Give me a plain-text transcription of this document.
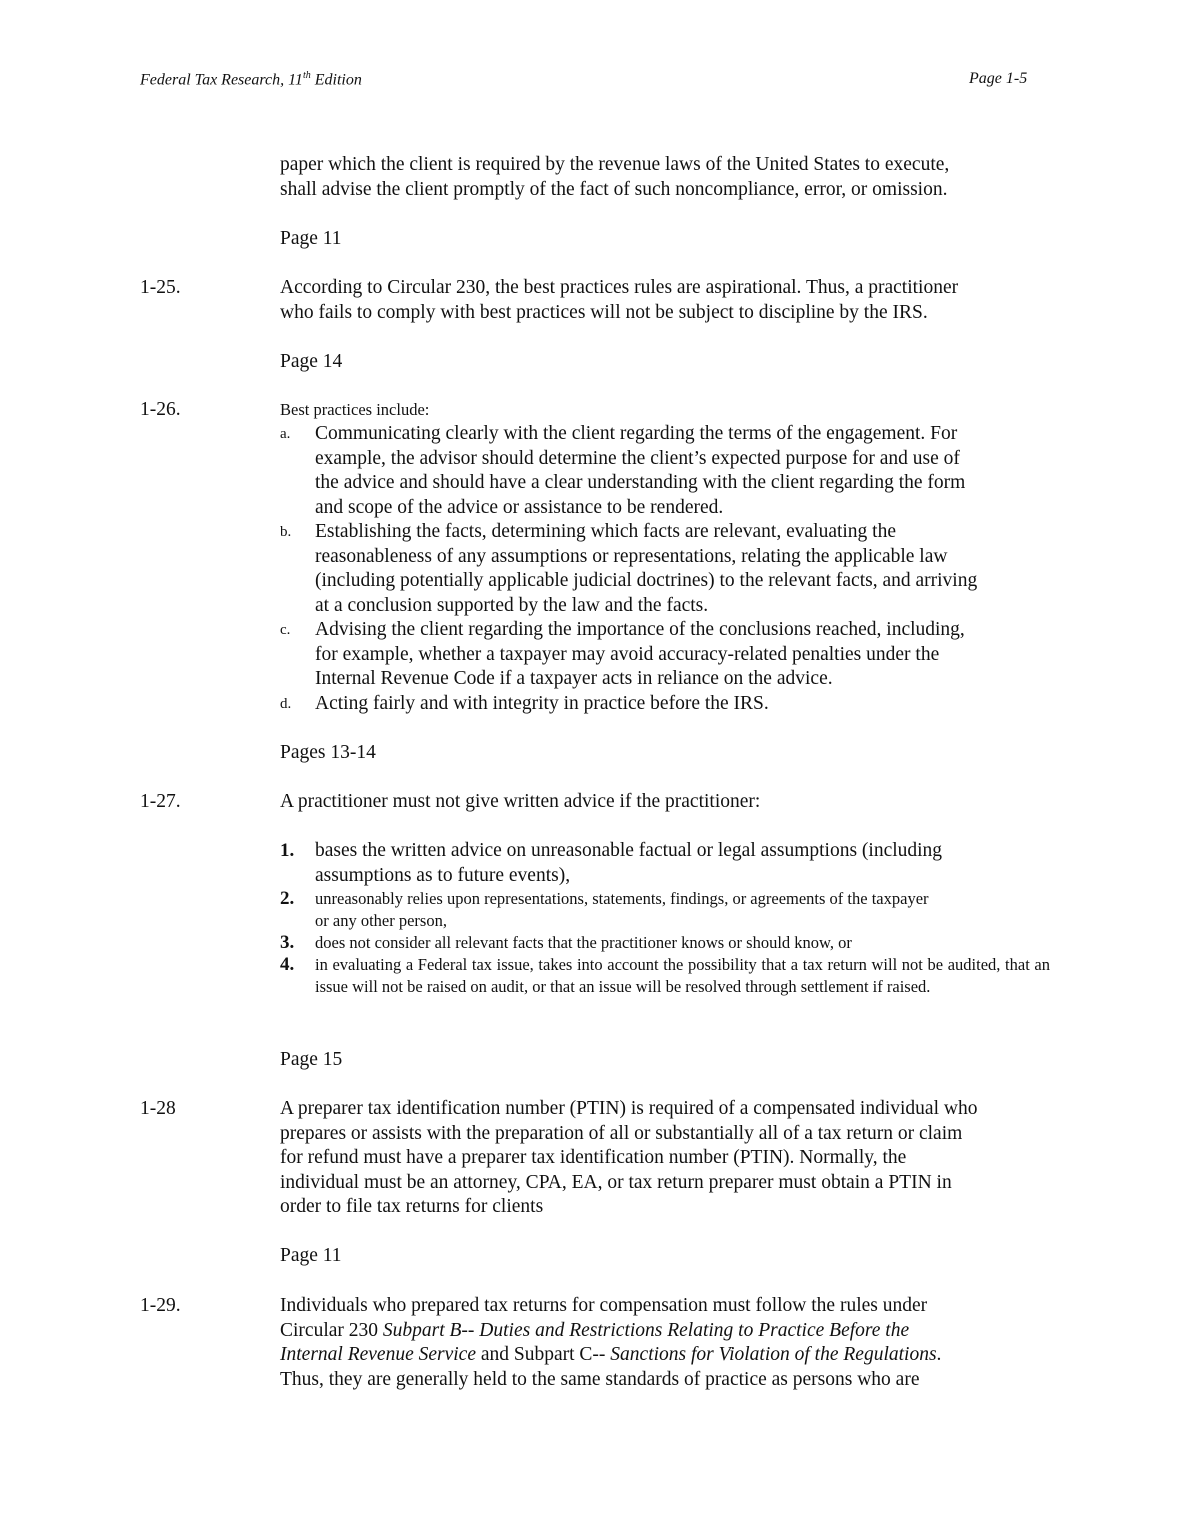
Federal Tax Research, 11th Edition	Page 1-5
paper which the client is required by the revenue laws of the United States to execute,
shall advise the client promptly of the fact of such noncompliance, error, or omission.
Page 11
1-25.	According to Circular 230, the best practices rules are aspirational. Thus, a practitioner
who fails to comply with best practices will not be subject to discipline by the IRS.
Page 14
1-26.	Best practices include:
a. Communicating clearly with the client regarding the terms of the engagement. For
example, the advisor should determine the client’s expected purpose for and use of
the advice and should have a clear understanding with the client regarding the form
and scope of the advice or assistance to be rendered.
b. Establishing the facts, determining which facts are relevant, evaluating the
reasonableness of any assumptions or representations, relating the applicable law
(including potentially applicable judicial doctrines) to the relevant facts, and arriving
at a conclusion supported by the law and the facts.
c. Advising the client regarding the importance of the conclusions reached, including,
for example, whether a taxpayer may avoid accuracy-related penalties under the
Internal Revenue Code if a taxpayer acts in reliance on the advice.
d. Acting fairly and with integrity in practice before the IRS.
Pages 13-14
1-27.	A practitioner must not give written advice if the practitioner:
1. bases the written advice on unreasonable factual or legal assumptions (including
assumptions as to future events),
2. unreasonably relies upon representations, statements, findings, or agreements of the taxpayer
or any other person,
3. does not consider all relevant facts that the practitioner knows or should know, or
4. in evaluating a Federal tax issue, takes into account the possibility that a tax return will not be audited, that an issue will not be raised on audit, or that an issue will be resolved through settlement if raised.
Page 15
1-28	A preparer tax identification number (PTIN) is required of a compensated individual who
prepares or assists with the preparation of all or substantially all of a tax return or claim
for refund must have a preparer tax identification number (PTIN). Normally, the
individual must be an attorney, CPA, EA, or tax return preparer must obtain a PTIN in
order to file tax returns for clients
Page 11
1-29.	Individuals who prepared tax returns for compensation must follow the rules under
Circular 230 Subpart B-- Duties and Restrictions Relating to Practice Before the
Internal Revenue Service and Subpart C-- Sanctions for Violation of the Regulations.
Thus, they are generally held to the same standards of practice as persons who are
